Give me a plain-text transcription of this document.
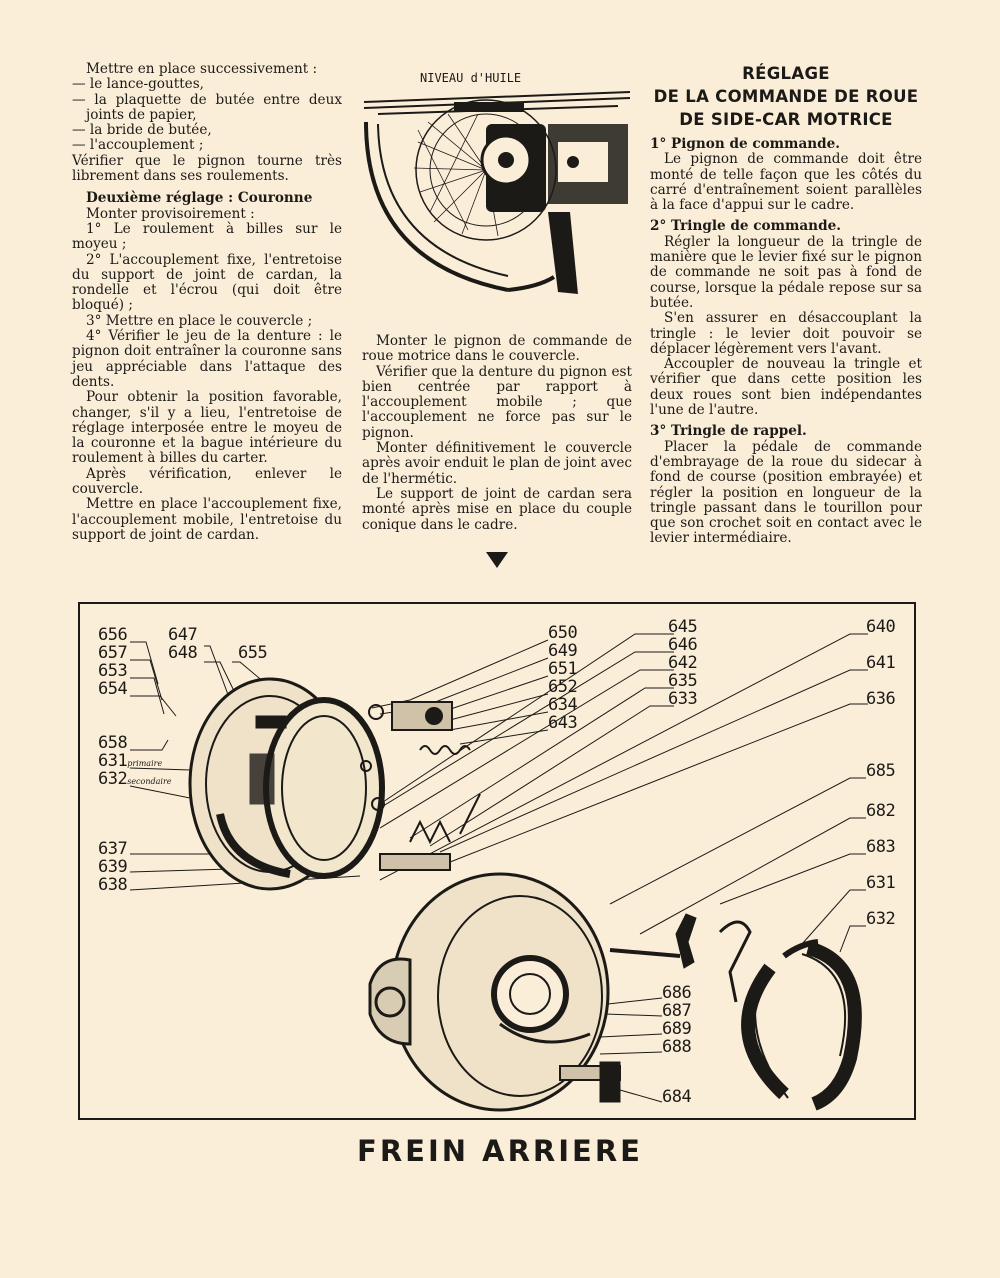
Mettre en place successivement :

— le lance-gouttes,

— la plaquette de butée entre deux joints de papier,

— la bride de butée,

— l'accouplement ;

Vérifier que le pignon tourne très librement dans ses roulements.

Deuxième réglage : Couronne

Monter provisoirement :

1° Le roulement à billes sur le moyeu ;

2° L'accouplement fixe, l'entretoise du support de joint de cardan, la rondelle et l'écrou (qui doit être bloqué) ;

3° Mettre en place le couvercle ;

4° Vérifier le jeu de la denture : le pignon doit entraîner la couronne sans jeu appréciable dans l'attaque des dents.

Pour obtenir la position favorable, changer, s'il y a lieu, l'entretoise de réglage interposée entre le moyeu de la couronne et la bague intérieure du roulement à billes du carter.

Après vérification, enlever le couvercle.

Mettre en place l'accouplement fixe, l'accouplement mobile, l'entretoise du support de joint de cardan.

NIVEAU d'HUILE

Monter le pignon de commande de roue motrice dans le couvercle.

Vérifier que la denture du pignon est bien centrée par rapport à l'accouplement mobile ; que l'accouplement ne force pas sur le pignon.

Monter définitivement le couvercle après avoir enduit le plan de joint avec de l'hermétic.

Le support de joint de cardan sera monté après mise en place du couple conique dans le cadre.

RÉGLAGE
DE LA COMMANDE DE ROUE
DE SIDE-CAR MOTRICE

1° Pignon de commande.

Le pignon de commande doit être monté de telle façon que les côtés du carré d'entraînement soient parallèles à la face d'appui sur le cadre.

2° Tringle de commande.

Régler la longueur de la tringle de manière que le levier fixé sur le pignon de commande ne soit pas à fond de course, lorsque la pédale repose sur sa butée.

S'en assurer en désaccouplant la tringle : le levier doit pouvoir se déplacer légèrement vers l'avant.

Accoupler de nouveau la tringle et vérifier que dans cette position les deux roues sont bien indépendantes l'une de l'autre.

3° Tringle de rappel.

Placer la pédale de commande d'embrayage de la roue du sidecar à fond de course (position embrayée) et régler la position en longueur de la tringle passant dans le tourillon pour que son crochet soit en contact avec le levier intermédiaire.

656
657
653
654
658
631primaire
632secondaire
647
648 655
650
649
651
652
634
643
645
646
642
635
633
640
641
636
685
682
683
631
632
637
639
638
686
687
689
688
684
FREIN ARRIERE
